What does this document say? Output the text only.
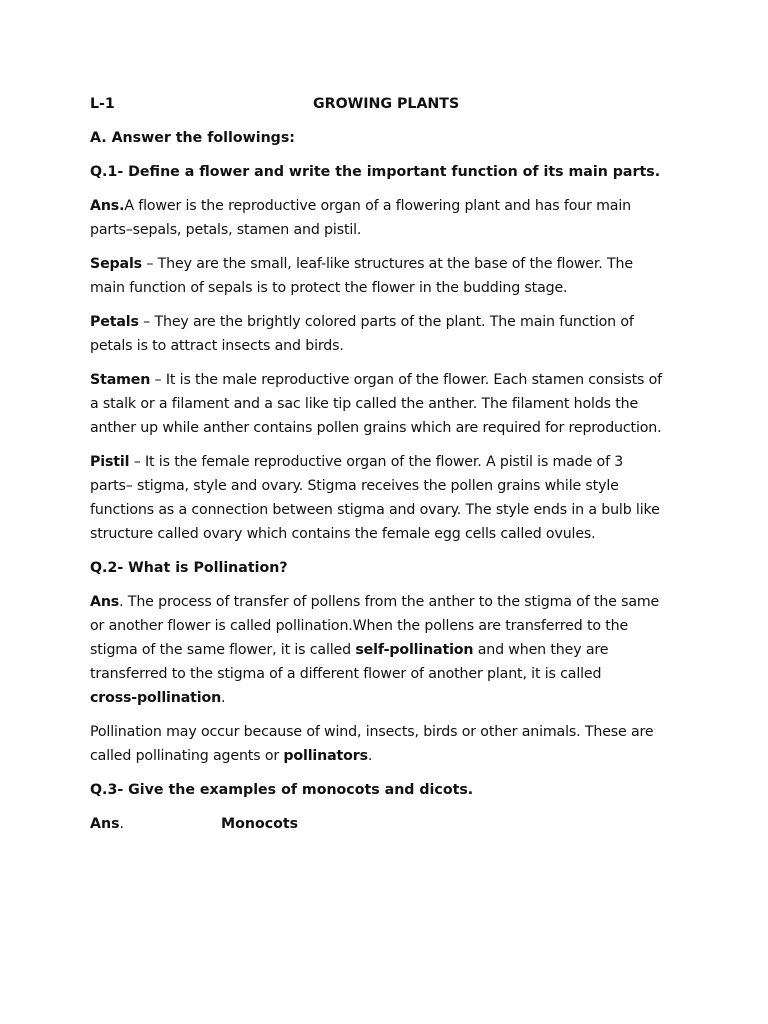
L-1	GROWING PLANTS
A. Answer the followings:
Q.1- Define a flower and write the important function of its main parts.
Ans.A flower is the reproductive organ of a flowering plant and has four main
parts–sepals, petals, stamen and pistil.
Sepals – They are the small, leaf-like structures at the base of the flower. The
main function of sepals is to protect the flower in the budding stage.
Petals – They are the brightly colored parts of the plant. The main function of
petals is to attract insects and birds.
Stamen – It is the male reproductive organ of the flower. Each stamen consists of
a stalk or a filament and a sac like tip called the anther. The filament holds the
anther up while anther contains pollen grains which are required for reproduction.
Pistil – It is the female reproductive organ of the flower. A pistil is made of 3
parts– stigma, style and ovary. Stigma receives the pollen grains while style
functions as a connection between stigma and ovary. The style ends in a bulb like
structure called ovary which contains the female egg cells called ovules.
Q.2- What is Pollination?
Ans. The process of transfer of pollens from the anther to the stigma of the same
or another flower is called pollination.When the pollens are transferred to the
stigma of the same flower, it is called self-pollination and when they are
transferred to the stigma of a different flower of another plant, it is called
cross-pollination.
Pollination may occur because of wind, insects, birds or other animals. These are
called pollinating agents or pollinators.
Q.3- Give the examples of monocots and dicots.
Ans.	Monocots
